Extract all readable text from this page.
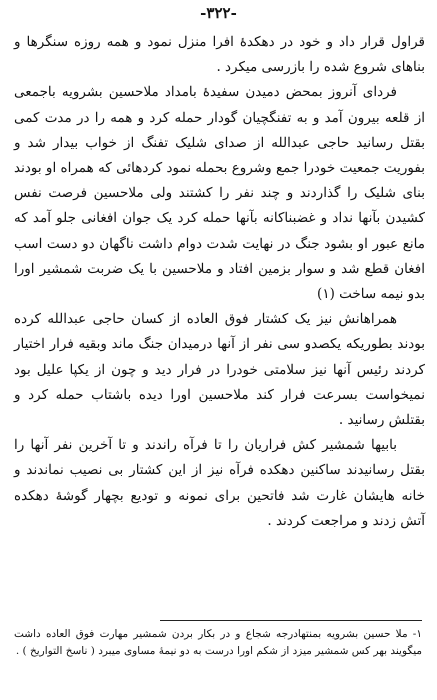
-۳۲۲-

قراول قرار داد و خود در دهکدهٔ افرا منزل نمود و همه روزه سنگرها و بناهای شروع شده را بازرسی میکرد .

فردای آنروز بمحض دمیدن سفیدهٔ بامداد ملاحسین بشرویه باجمعی از قلعه بیرون آمد و به تفنگچیان گودار حمله کرد و همه را در مدت کمی بقتل رسانید حاجی عبدالله از صدای شلیک تفنگ از خواب بیدار شد و بفوریت جمعیت خودرا جمع وشروع بحمله نمود کردهائی که همراه او بودند بنای شلیک را گذاردند و چند نفر را کشتند ولی ملاحسین فرصت نفس کشیدن بآنها نداد و غضبناکانه بآنها حمله کرد یک جوان افغانی جلو آمد که مانع عبور او بشود جنگ در نهایت شدت دوام داشت ناگهان دو دست اسب افغان قطع شد و سوار بزمین افتاد و ملاحسین با یک ضربت شمشیر اورا بدو نیمه ساخت (۱)

همراهانش نیز یک کشتار فوق العاده از کسان حاجی عبدالله کرده بودند بطوریکه یکصدو سی نفر از آنها درمیدان جنگ ماند وبقیه فرار اختیار کردند رئیس آنها نیز سلامتی خودرا در فرار دید و چون از یکپا علیل بود نمیخواست بسرعت فرار کند ملاحسین اورا دیده باشتاب حمله کرد و بقتلش رسانید .

بابیها شمشیر کش فراریان را تا فرآه راندند و تا آخرین نفر آنها را بقتل رسانیدند ساکنین دهکده فرآه نیز از این کشتار بی نصیب نماندند و خانه هایشان غارت شد فاتحین برای نمونه و تودیع بچهار گوشهٔ دهکده آتش زدند و مراجعت کردند .

۱- ملا حسین بشرویه بمنتهادرجه شجاع و در بکار بردن شمشیر مهارت فوق العاده داشت میگویند بهر کس شمشیر میزد از شکم اورا درست به دو نیمهٔ مساوی میبرد ( ناسخ التواریخ ) .
